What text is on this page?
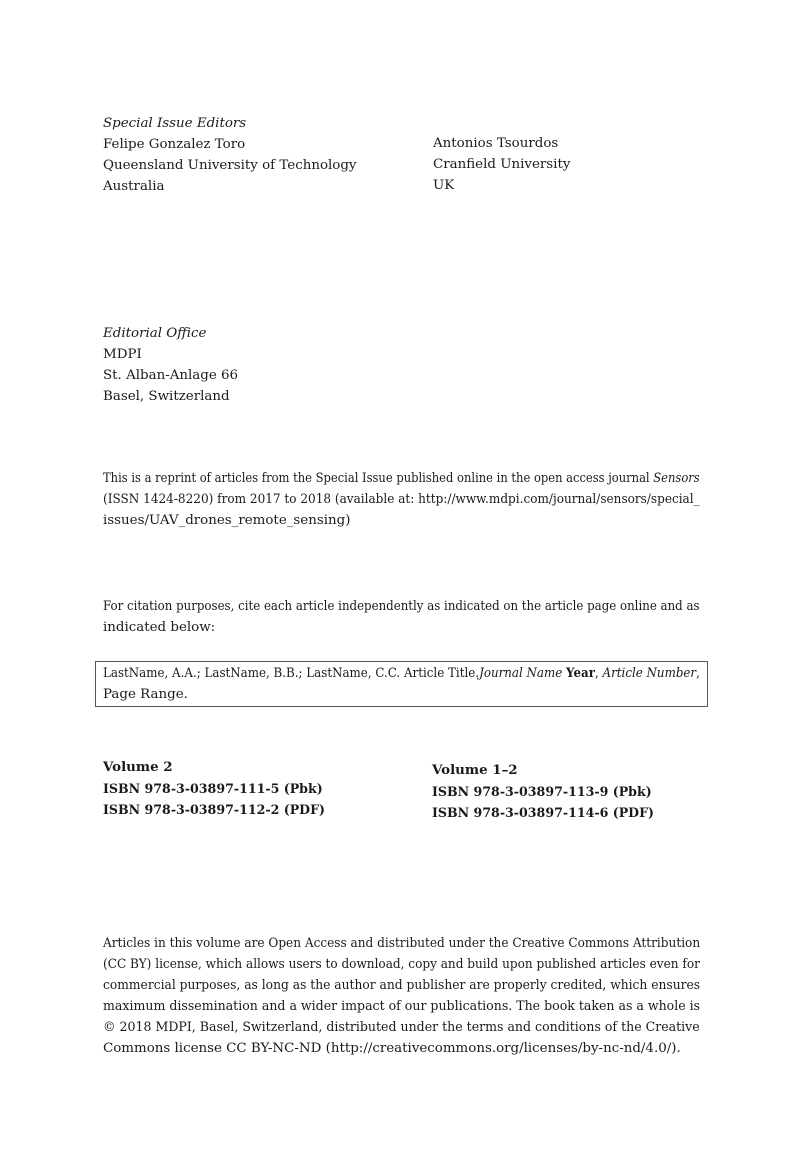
Special Issue Editors
Felipe Gonzalez Toro
Queensland University of Technology
Australia
Antonios Tsourdos
Cranfield University
UK
Editorial Office
MDPI
St. Alban-Anlage 66
Basel, Switzerland
This is a reprint of articles from the Special Issue published online in the open access journal Sensors
(ISSN 1424-8220) from 2017 to 2018 (available at: http://www.mdpi.com/journal/sensors/special_
issues/UAV_drones_remote_sensing)
For citation purposes, cite each article independently as indicated on the article page online and as
indicated below:
LastName, A.A.; LastName, B.B.; LastName, C.C. Article Title. Journal Name Year, Article Number,
Page Range.
Volume 2
ISBN 978-3-03897-111-5 (Pbk)
ISBN 978-3-03897-112-2 (PDF)
Volume 1–2
ISBN 978-3-03897-113-9 (Pbk)
ISBN 978-3-03897-114-6 (PDF)
Articles in this volume are Open Access and distributed under the Creative Commons Attribution
(CC BY) license, which allows users to download, copy and build upon published articles even for
commercial purposes, as long as the author and publisher are properly credited, which ensures
maximum dissemination and a wider impact of our publications. The book taken as a whole is
© 2018 MDPI, Basel, Switzerland, distributed under the terms and conditions of the Creative
Commons license CC BY-NC-ND (http://creativecommons.org/licenses/by-nc-nd/4.0/).
